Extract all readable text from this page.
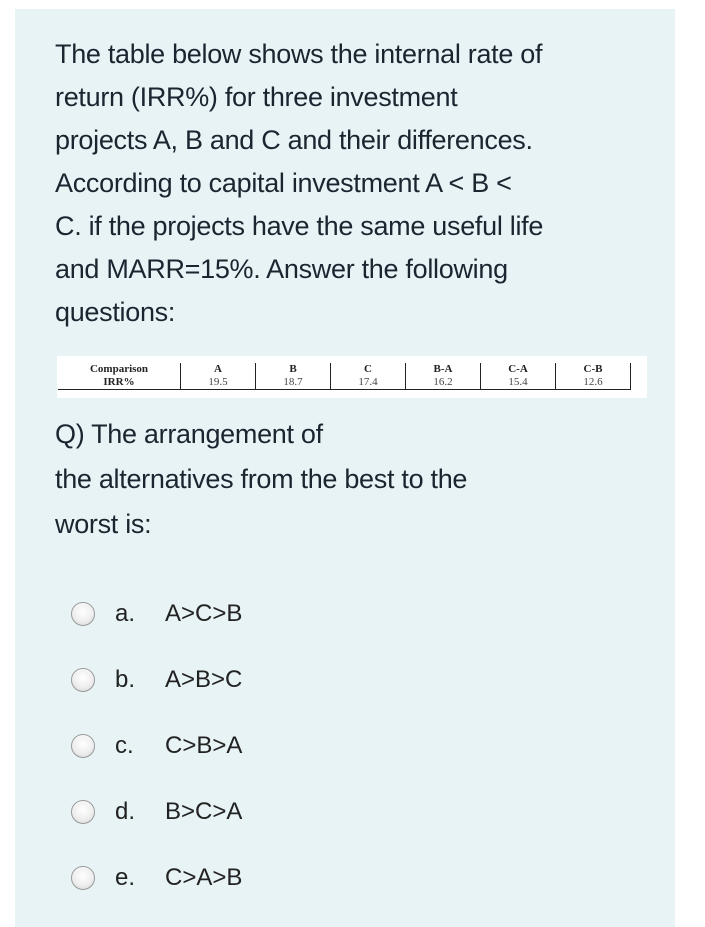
The table below shows the internal rate of
return (IRR%) for three investment
projects A, B and C and their differences.
According to capital investment A < B <
C. if the projects have the same useful life
and MARR=15%. Answer the following
questions:
Comparison	A	B	C	B-A	C-A	C-B
IRR%	19.5	18.7	17.4	16.2	15.4	12.6
Q) The arrangement of
the alternatives from the best to the
worst is:
a.	A>C>B
b.	A>B>C
c.	C>B>A
d.	B>C>A
e.	C>A>B
